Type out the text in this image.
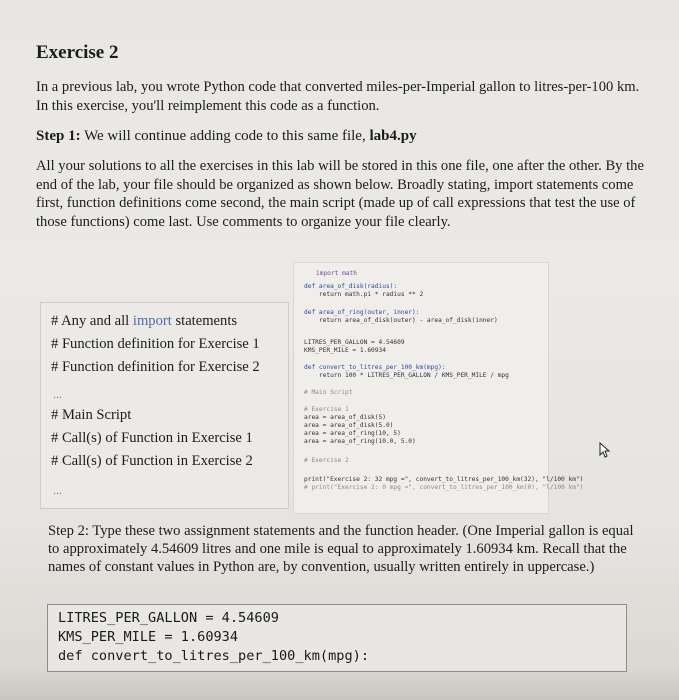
Exercise 2
In a previous lab, you wrote Python code that converted miles-per-Imperial gallon to litres-per-100 km. In this exercise, you'll reimplement this code as a function.
Step 1: We will continue adding code to this same file, lab4.py
All your solutions to all the exercises in this lab will be stored in this one file, one after the other. By the end of the lab, your file should be organized as shown below. Broadly stating, import statements come first, function definitions come second, the main script (made up of call expressions that test the use of those functions) come last. Use comments to organize your file clearly.
# Any and all import statements
# Function definition for Exercise 1
# Function definition for Exercise 2
...
# Main Script
# Call(s) of Function in Exercise 1
# Call(s) of Function in Exercise 2
...
import math
def area_of_disk(radius):
return math.pi * radius ** 2
def area_of_ring(outer, inner):
return area_of_disk(outer) - area_of_disk(inner)
LITRES_PER_GALLON = 4.54609
KMS_PER_MILE = 1.60934
def convert_to_litres_per_100_km(mpg):
return 100 * LITRES_PER_GALLON / KMS_PER_MILE / mpg
# Main Script
# Exercise 1
area = area_of_disk(5)
area = area_of_disk(5.0)
area = area_of_ring(10, 5)
area = area_of_ring(10.0, 5.0)
# Exercise 2
print("Exercise 2: 32 mpg =", convert_to_litres_per_100_km(32), "l/100 km")
# print("Exercise 2: 0 mpg =", convert_to_litres_per_100_km(0), "l/100 km")
Step 2: Type these two assignment statements and the function header. (One Imperial gallon is equal to approximately 4.54609 litres and one mile is equal to approximately 1.60934 km. Recall that the names of constant values in Python are, by convention, usually written entirely in uppercase.)
LITRES_PER_GALLON = 4.54609
KMS_PER_MILE = 1.60934
def convert_to_litres_per_100_km(mpg):
